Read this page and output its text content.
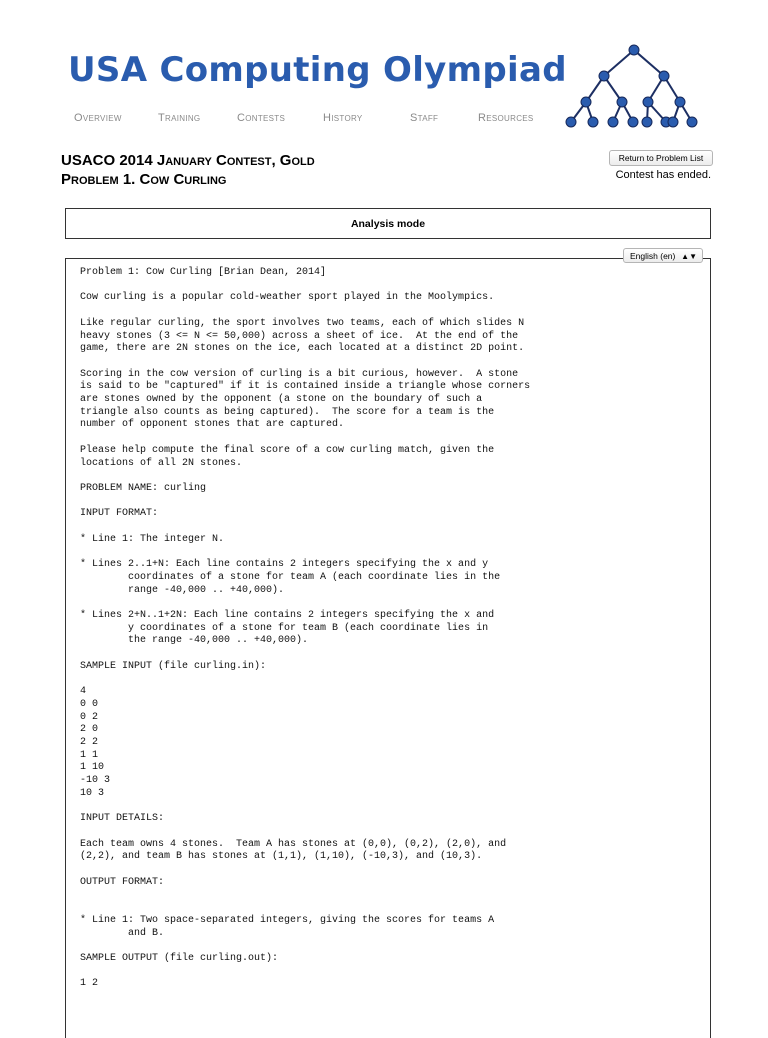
USA Computing Olympiad
Overview	Training	Contests	History	Staff	Resources
USACO 2014 January Contest, Gold
Problem 1. Cow Curling
Return to Problem List
Contest has ended.
Analysis mode
English (en) ▲▼
Problem 1: Cow Curling [Brian Dean, 2014]

Cow curling is a popular cold-weather sport played in the Moolympics.

Like regular curling, the sport involves two teams, each of which slides N
heavy stones (3 <= N <= 50,000) across a sheet of ice.  At the end of the
game, there are 2N stones on the ice, each located at a distinct 2D point.

Scoring in the cow version of curling is a bit curious, however.  A stone
is said to be "captured" if it is contained inside a triangle whose corners
are stones owned by the opponent (a stone on the boundary of such a
triangle also counts as being captured).  The score for a team is the
number of opponent stones that are captured.

Please help compute the final score of a cow curling match, given the
locations of all 2N stones.

PROBLEM NAME: curling

INPUT FORMAT:

* Line 1: The integer N.

* Lines 2..1+N: Each line contains 2 integers specifying the x and y
coordinates of a stone for team A (each coordinate lies in the
range -40,000 .. +40,000).

* Lines 2+N..1+2N: Each line contains 2 integers specifying the x and
y coordinates of a stone for team B (each coordinate lies in
the range -40,000 .. +40,000).

SAMPLE INPUT (file curling.in):

4
0 0
0 2
2 0
2 2
1 1
1 10
-10 3
10 3

INPUT DETAILS:

Each team owns 4 stones.  Team A has stones at (0,0), (0,2), (2,0), and
(2,2), and team B has stones at (1,1), (1,10), (-10,3), and (10,3).

OUTPUT FORMAT:

* Line 1: Two space-separated integers, giving the scores for teams A
and B.

SAMPLE OUTPUT (file curling.out):

1 2
